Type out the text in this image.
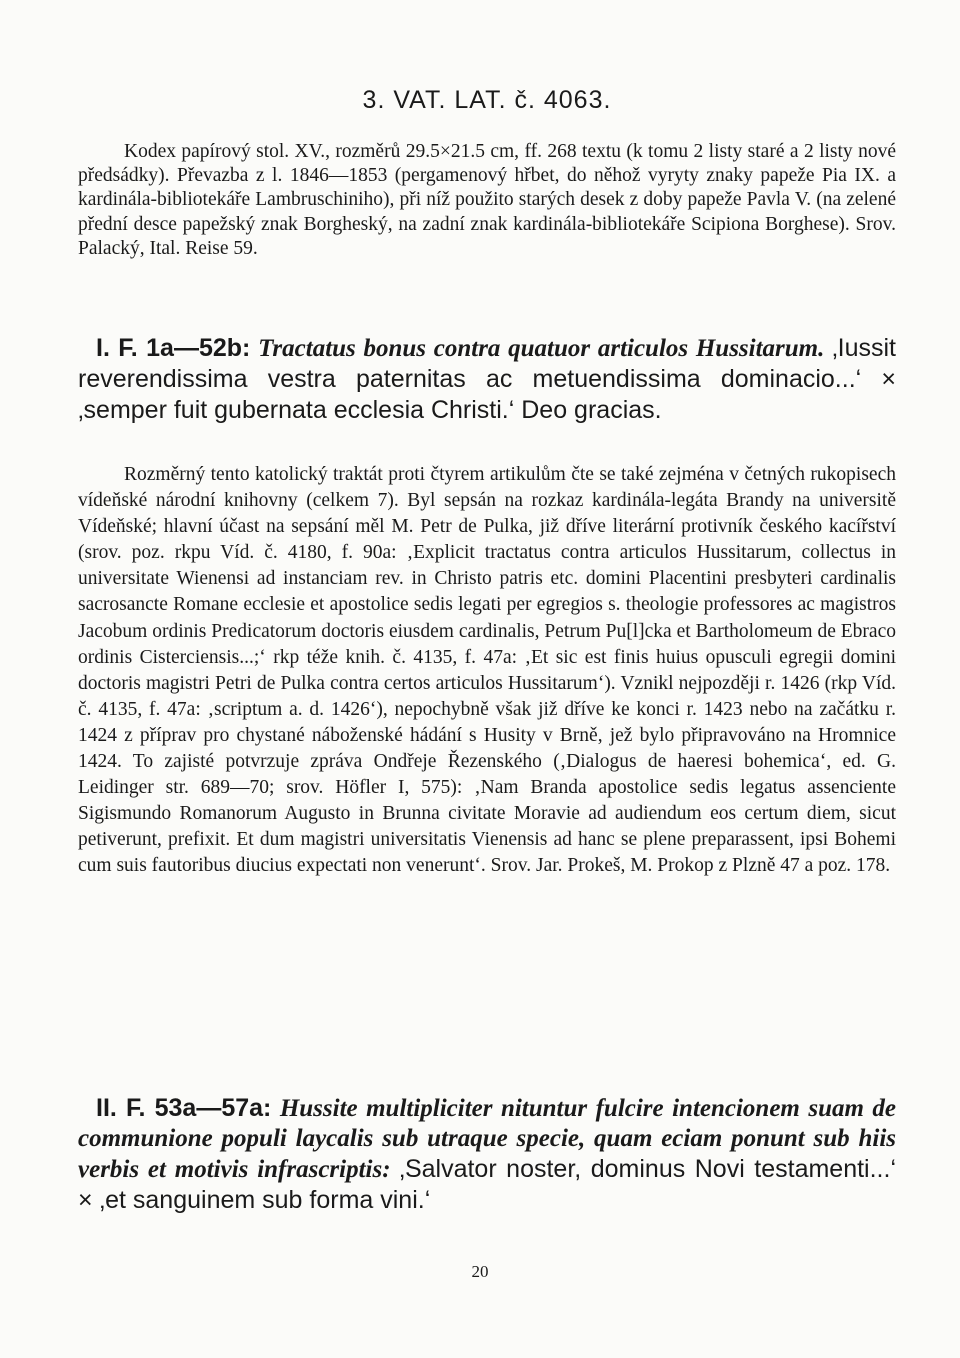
3. VAT. LAT. č. 4063.

Kodex papírový stol. XV., rozměrů 29.5×21.5 cm, ff. 268 textu (k tomu 2 listy staré a 2 listy nové předsádky). Převazba z l. 1846—1853 (pergamenový hřbet, do něhož vyryty znaky papeže Pia IX. a kardinála-bibliotekáře Lambruschiniho), při níž použito starých desek z doby papeže Pavla V. (na zelené přední desce papežský znak Borgheský, na zadní znak kardinála-bibliotekáře Scipiona Borghese). Srov. Palacký, Ital. Reise 59.

I. F. 1a—52b: Tractatus bonus contra quatuor articulos Hussitarum. ‚Iussit reverendissima vestra paternitas ac metuendissima dominacio...‘ × ‚semper fuit gubernata ecclesia Christi.‘ Deo gracias.

Rozměrný tento katolický traktát proti čtyrem artikulům čte se také zejména v četných rukopisech vídeňské národní knihovny (celkem 7). Byl sepsán na rozkaz kardinála-legáta Brandy na universitě Vídeňské; hlavní účast na sepsání měl M. Petr de Pulka, již dříve literární protivník českého kacířství (srov. poz. rkpu Víd. č. 4180, f. 90a: ‚Explicit tractatus contra articulos Hussitarum, collectus in universitate Wienensi ad instanciam rev. in Christo patris etc. domini Placentini presbyteri cardinalis sacrosancte Romane ecclesie et apostolice sedis legati per egregios s. theologie professores ac magistros Jacobum ordinis Predicatorum doctoris eiusdem cardinalis, Petrum Pu[l]cka et Bartholomeum de Ebraco ordinis Cisterciensis...;‘ rkp téže knih. č. 4135, f. 47a: ‚Et sic est finis huius opusculi egregii domini doctoris magistri Petri de Pulka contra certos articulos Hussitarum‘). Vznikl nejpozději r. 1426 (rkp Víd. č. 4135, f. 47a: ‚scriptum a. d. 1426‘), nepochybně však již dříve ke konci r. 1423 nebo na začátku r. 1424 z příprav pro chystané náboženské hádání s Husity v Brně, jež bylo připravováno na Hromnice 1424. To zajisté potvrzuje zpráva Ondřeje Řezenského (‚Dialogus de haeresi bohemica‘, ed. G. Leidinger str. 689—70; srov. Höfler I, 575): ‚Nam Branda apostolice sedis legatus assenciente Sigismundo Romanorum Augusto in Brunna civitate Moravie ad audiendum eos certum diem, sicut petiverunt, prefixit. Et dum magistri universitatis Vienensis ad hanc se plene preparassent, ipsi Bohemi cum suis fautoribus diucius expectati non venerunt‘. Srov. Jar. Prokeš, M. Prokop z Plzně 47 a poz. 178.

II. F. 53a—57a: Hussite multipliciter nituntur fulcire intencionem suam de communione populi laycalis sub utraque specie, quam eciam ponunt sub hiis verbis et motivis infrascriptis: ‚Salvator noster, dominus Novi testamenti...‘ × ‚et sanguinem sub forma vini.‘

20
